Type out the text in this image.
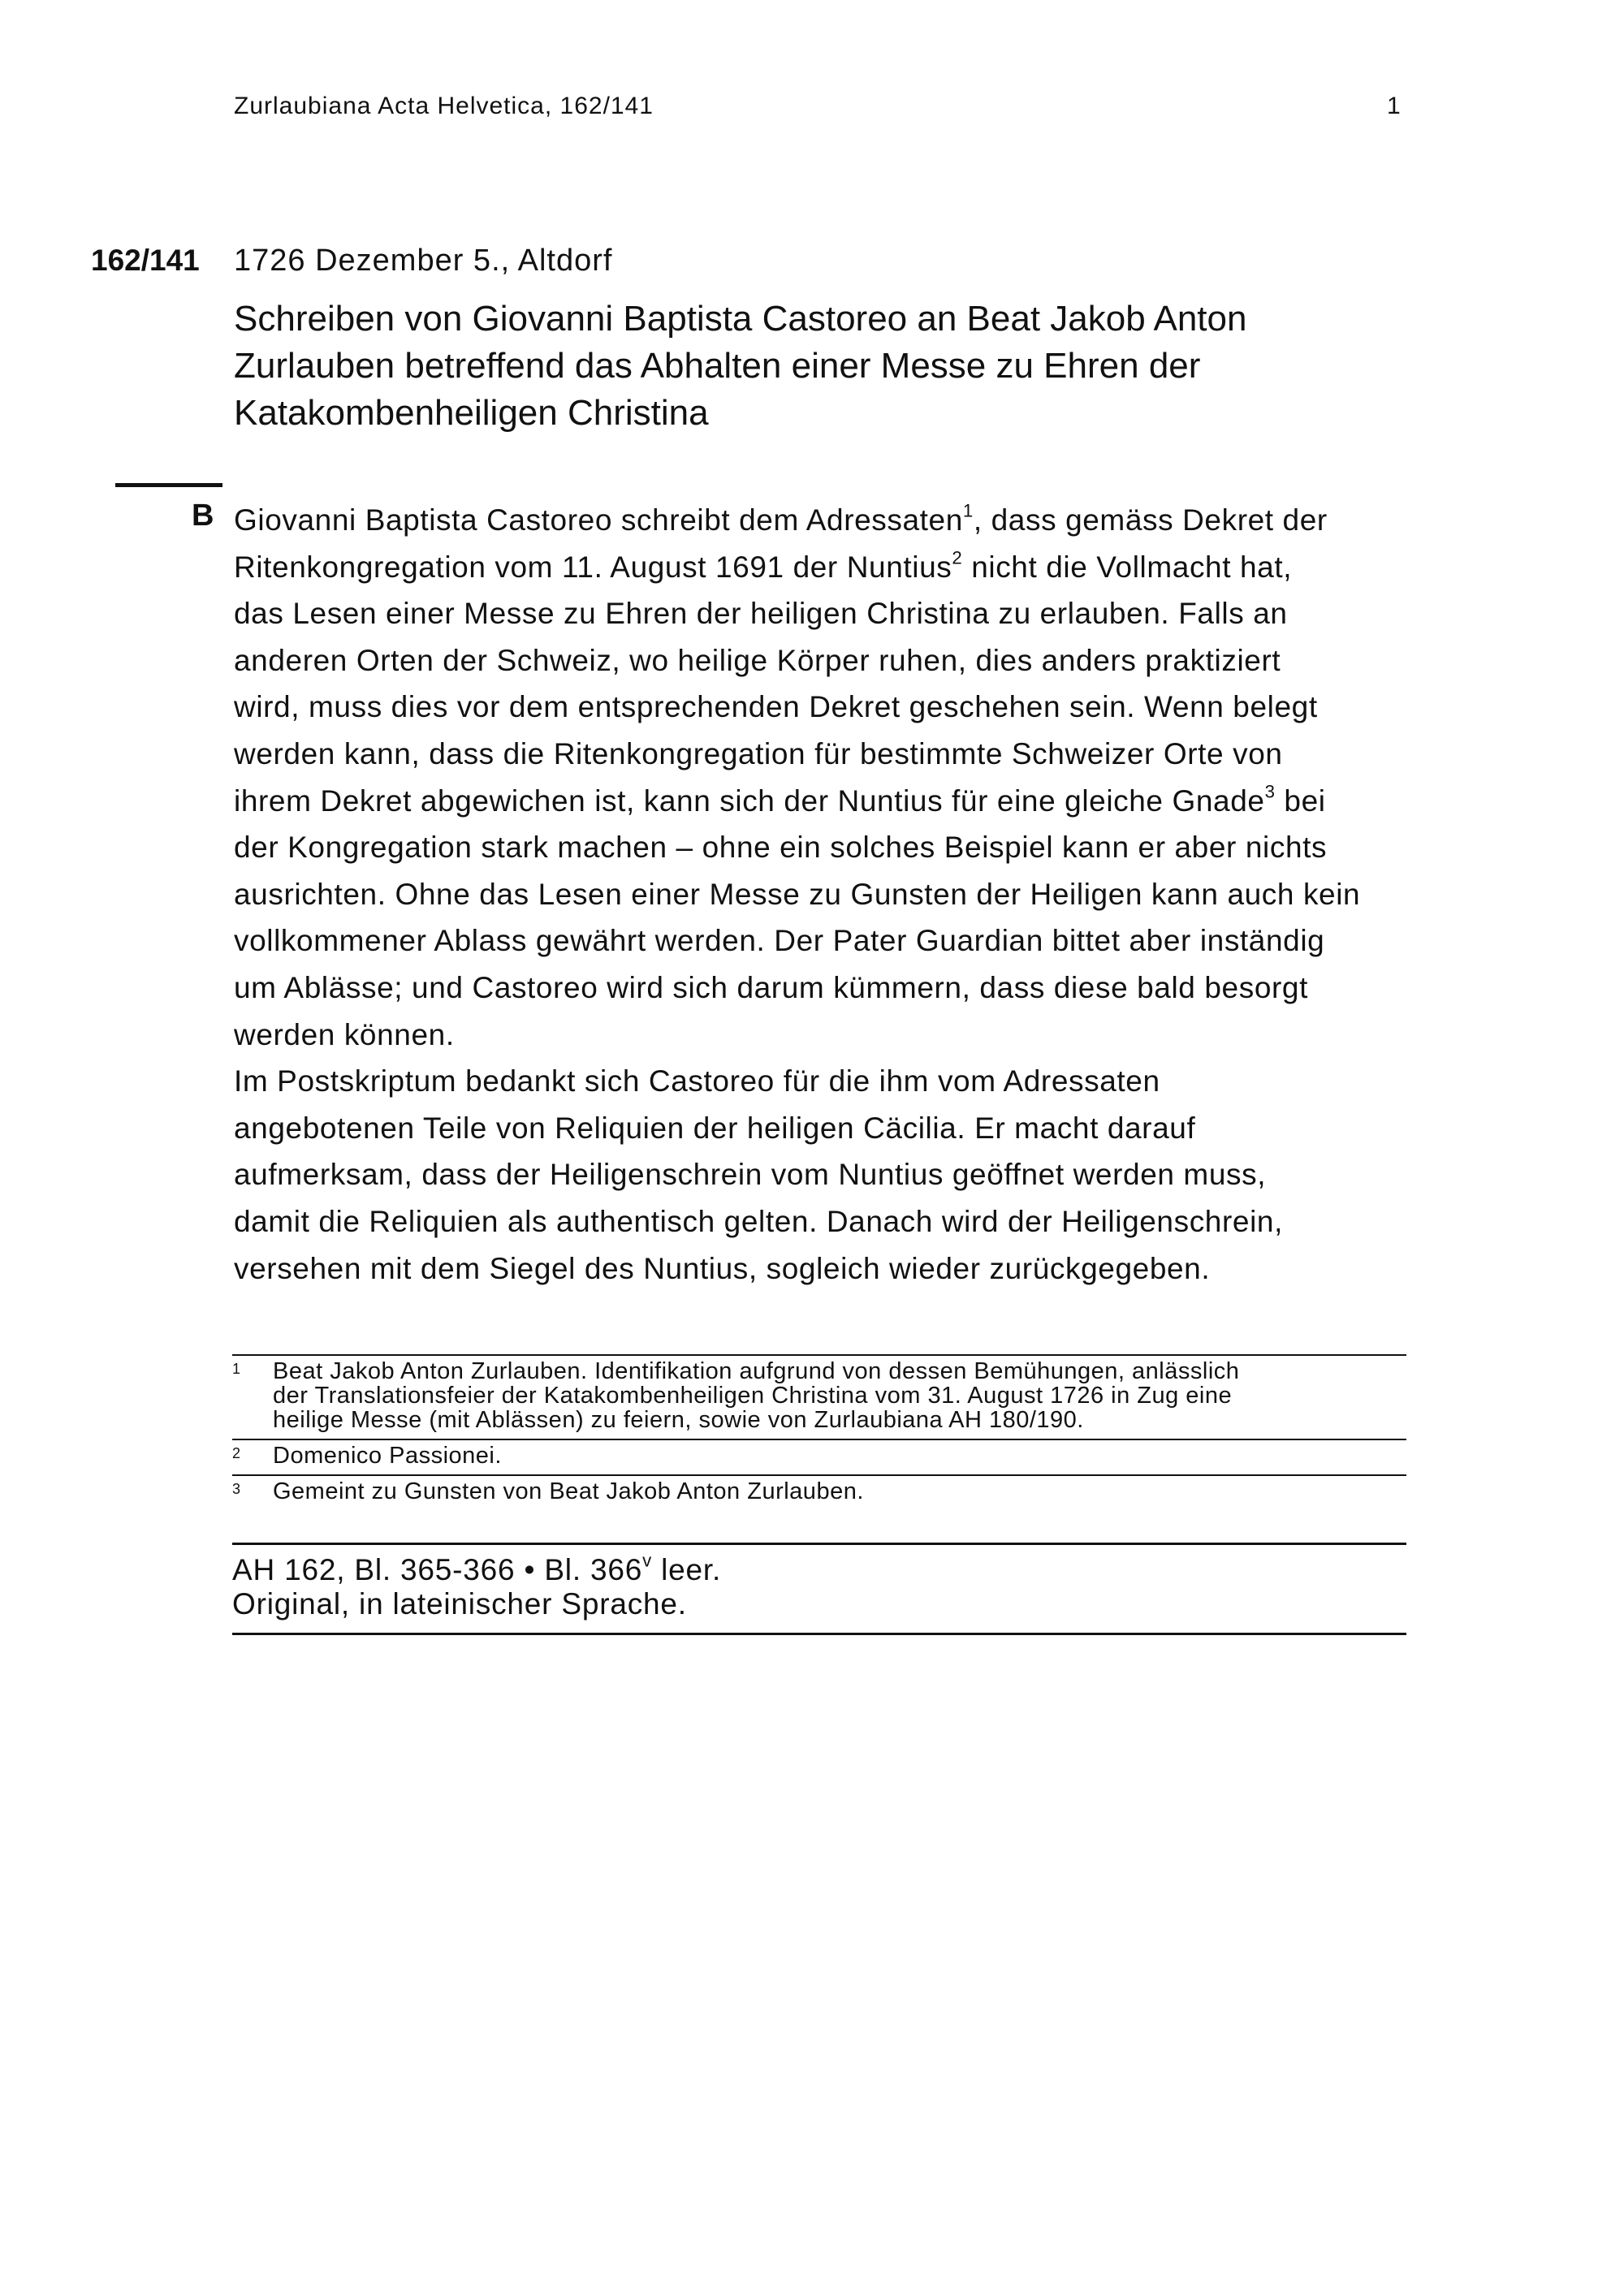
Zurlaubiana Acta Helvetica, 162/141	1
162/141 1726 Dezember 5., Altdorf
Schreiben von Giovanni Baptista Castoreo an Beat Jakob Anton
Zurlauben betreffend das Abhalten einer Messe zu Ehren der
Katakombenheiligen Christina
B Giovanni Baptista Castoreo schreibt dem Adressaten$^1$, dass gemäss Dekret der
Ritenkongregation vom 11. August 1691 der Nuntius$^2$ nicht die Vollmacht hat,
das Lesen einer Messe zu Ehren der heiligen Christina zu erlauben. Falls an
anderen Orten der Schweiz, wo heilige Körper ruhen, dies anders praktiziert
wird, muss dies vor dem entsprechenden Dekret geschehen sein. Wenn belegt
werden kann, dass die Ritenkongregation für bestimmte Schweizer Orte von
ihrem Dekret abgewichen ist, kann sich der Nuntius für eine gleiche Gnade$^3$ bei
der Kongregation stark machen – ohne ein solches Beispiel kann er aber nichts
ausrichten. Ohne das Lesen einer Messe zu Gunsten der Heiligen kann auch kein
vollkommener Ablass gewährt werden. Der Pater Guardian bittet aber inständig
um Ablässe; und Castoreo wird sich darum kümmern, dass diese bald besorgt
werden können.
Im Postskriptum bedankt sich Castoreo für die ihm vom Adressaten
angebotenen Teile von Reliquien der heiligen Cäcilia. Er macht darauf
aufmerksam, dass der Heiligenschrein vom Nuntius geöffnet werden muss,
damit die Reliquien als authentisch gelten. Danach wird der Heiligenschrein,
versehen mit dem Siegel des Nuntius, sogleich wieder zurückgegeben.
1	Beat Jakob Anton Zurlauben. Identifikation aufgrund von dessen Bemühungen, anlässlich
der Translationsfeier der Katakombenheiligen Christina vom 31. August 1726 in Zug eine
heilige Messe (mit Ablässen) zu feiern, sowie von Zurlaubiana AH 180/190.
2	Domenico Passionei.
3	Gemeint zu Gunsten von Beat Jakob Anton Zurlauben.
AH 162, Bl. 365-366 • Bl. 366$^v$ leer.
Original, in lateinischer Sprache.
